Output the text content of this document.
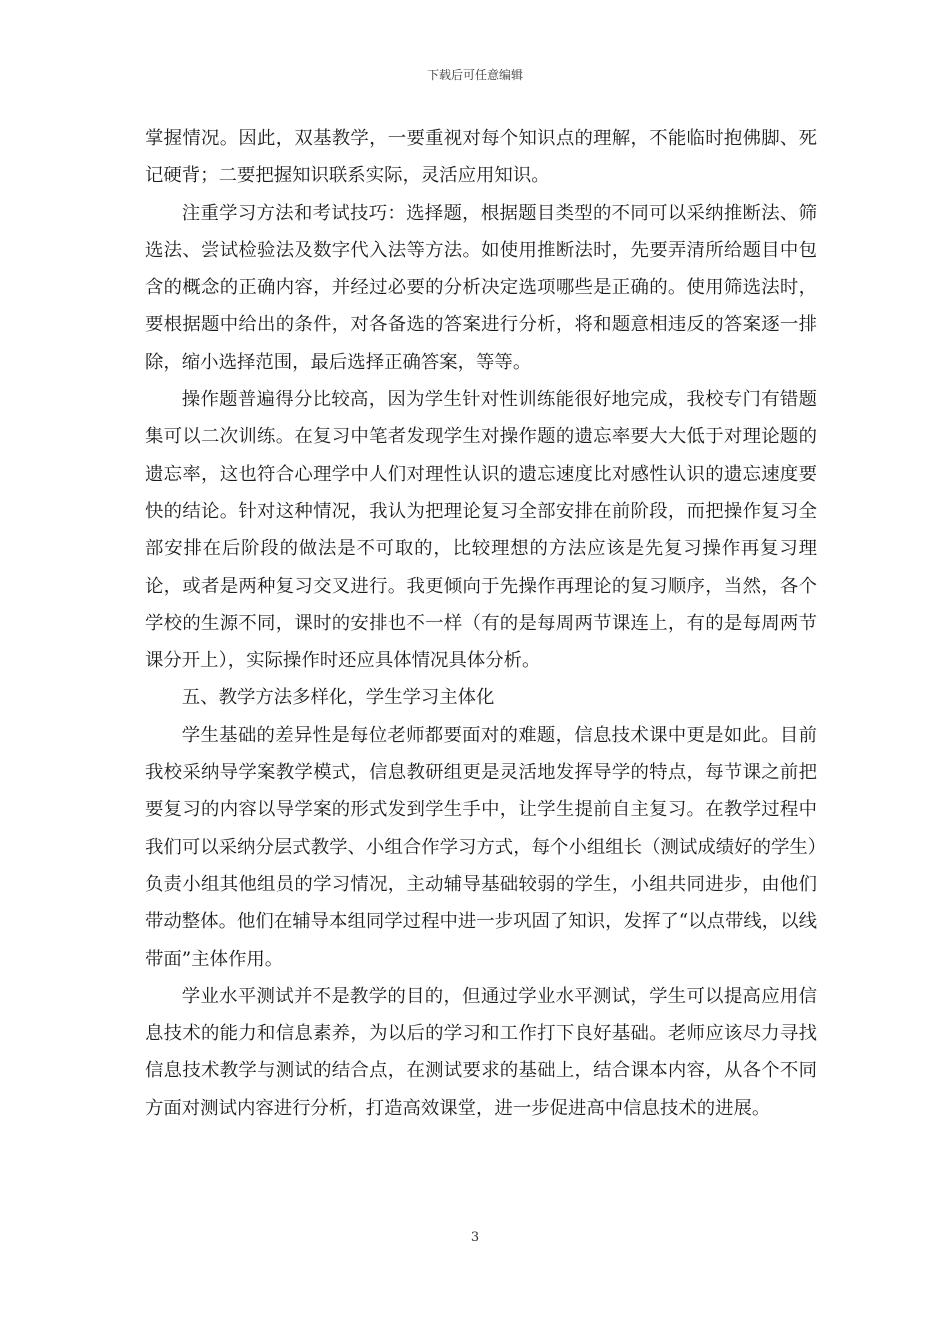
下载后可任意编辑

掌握情况。因此，双基教学，一要重视对每个知识点的理解，不能临时抱佛脚、死记硬背；二要把握知识联系实际，灵活应用知识。

注重学习方法和考试技巧：选择题，根据题目类型的不同可以采纳推断法、筛选法、尝试检验法及数字代入法等方法。如使用推断法时，先要弄清所给题目中包含的概念的正确内容，并经过必要的分析决定选项哪些是正确的。使用筛选法时，要根据题中给出的条件，对各备选的答案进行分析，将和题意相违反的答案逐一排除，缩小选择范围，最后选择正确答案，等等。

操作题普遍得分比较高，因为学生针对性训练能很好地完成，我校专门有错题集可以二次训练。在复习中笔者发现学生对操作题的遗忘率要大大低于对理论题的遗忘率，这也符合心理学中人们对理性认识的遗忘速度比对感性认识的遗忘速度要快的结论。针对这种情况，我认为把理论复习全部安排在前阶段，而把操作复习全部安排在后阶段的做法是不可取的，比较理想的方法应该是先复习操作再复习理论，或者是两种复习交叉进行。我更倾向于先操作再理论的复习顺序，当然，各个学校的生源不同，课时的安排也不一样（有的是每周两节课连上，有的是每周两节课分开上），实际操作时还应具体情况具体分析。

五、教学方法多样化，学生学习主体化

学生基础的差异性是每位老师都要面对的难题，信息技术课中更是如此。目前我校采纳导学案教学模式，信息教研组更是灵活地发挥导学的特点，每节课之前把要复习的内容以导学案的形式发到学生手中，让学生提前自主复习。在教学过程中我们可以采纳分层式教学、小组合作学习方式，每个小组组长（测试成绩好的学生）负责小组其他组员的学习情况，主动辅导基础较弱的学生，小组共同进步，由他们带动整体。他们在辅导本组同学过程中进一步巩固了知识，发挥了“以点带线，以线带面”主体作用。

学业水平测试并不是教学的目的，但通过学业水平测试，学生可以提高应用信息技术的能力和信息素养，为以后的学习和工作打下良好基础。老师应该尽力寻找信息技术教学与测试的结合点，在测试要求的基础上，结合课本内容，从各个不同方面对测试内容进行分析，打造高效课堂，进一步促进高中信息技术的进展。

3
